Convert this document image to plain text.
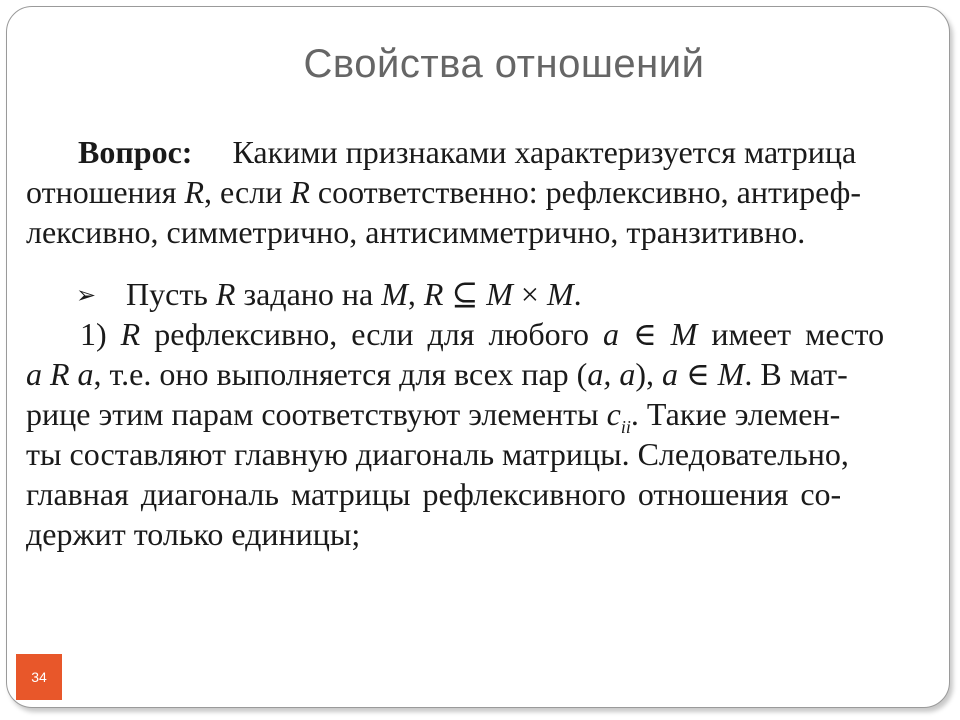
Свойства отношений
Вопрос: Какими признаками характеризуется матрица
отношения R, если R соответственно: рефлексивно, антиреф-
лексивно, симметрично, антисимметрично, транзитивно.
➢ Пусть R задано на M, R ⊆ M × M.
1) R рефлексивно, если для любого a ∈ M имеет место
a R a, т.е. оно выполняется для всех пар (a, a), a ∈ M. В мат-
рице этим парам соответствуют элементы $c_{ii}$. Такие элемен-
ты составляют главную диагональ матрицы. Следовательно,
главная диагональ матрицы рефлексивного отношения со-
держит только единицы;
34
